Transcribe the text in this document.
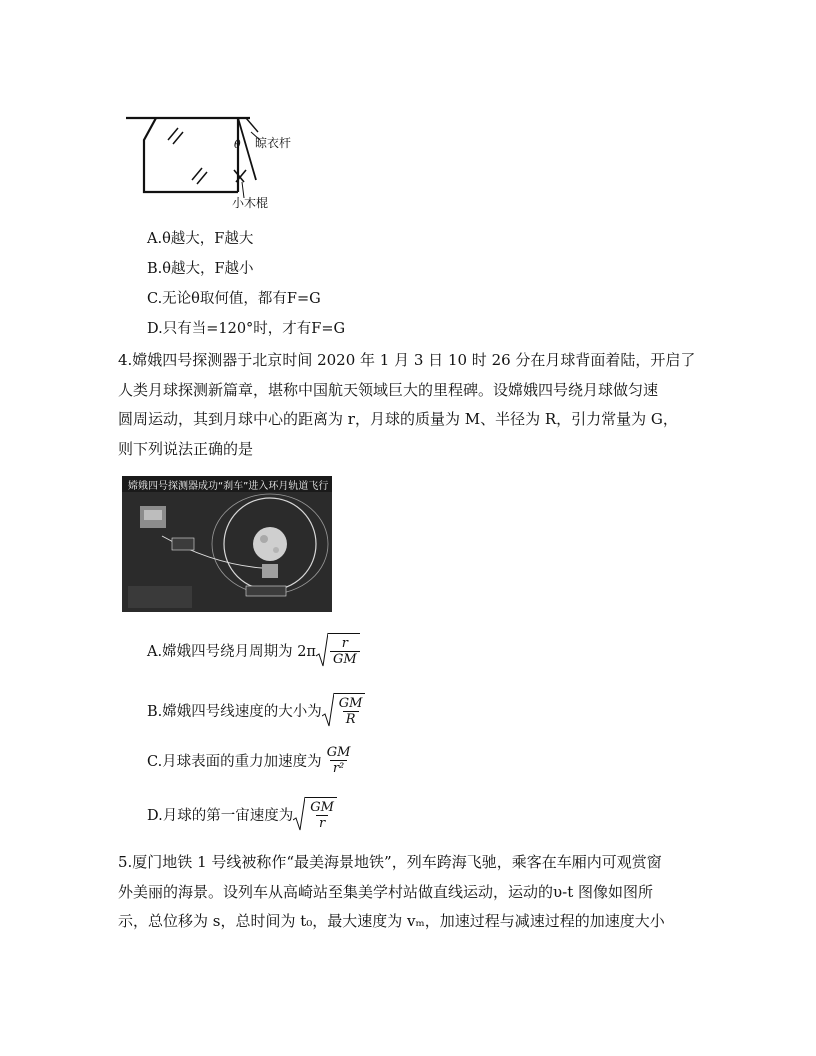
θ 晾衣杆
小木棍
A.θ越大，F越大
B.θ越大，F越小
C.无论θ取何值，都有F=G
D.只有当=120°时，才有F=G

4.嫦娥四号探测器于北京时间 2020 年 1 月 3 日 10 时 26 分在月球背面着陆，开启了

人类月球探测新篇章，堪称中国航天领域巨大的里程碑。设嫦娥四号绕月球做匀速

圆周运动，其到月球中心的距离为 r，月球的质量为 M、半径为 R，引力常量为 G，

则下列说法正确的是

嫦娥四号探测器成功“刹车”进入环月轨道飞行
A.嫦娥四号绕月周期为 $2\pi \frac{r}{GM}$
B.嫦娥四号线速度的大小为 $\frac{GM}{R}$
C.月球表面的重力加速度为 $\frac{GM}{\text{r²}}$
D.月球的第一宙速度为 $\frac{GM}{r}$

5.厦门地铁 1 号线被称作“最美海景地铁”，列车跨海飞驰，乘客在车厢内可观赏窗

外美丽的海景。设列车从高崎站至集美学村站做直线运动，运动的υ-t 图像如图所

示，总位移为 s，总时间为 t₀，最大速度为 vₘ，加速过程与减速过程的加速度大小
